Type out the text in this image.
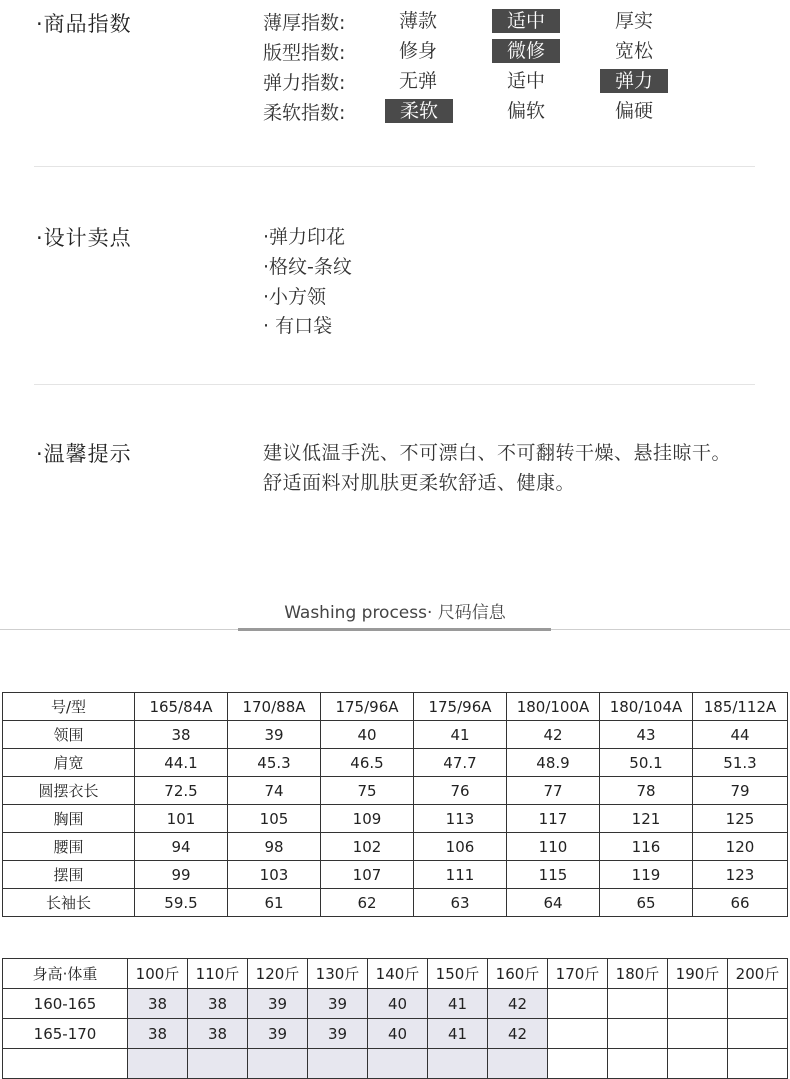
·商品指数	薄厚指数:	薄款	适中	厚实
版型指数:	修身	微修	宽松
弹力指数:	无弹	适中	弹力
柔软指数:	柔软	偏软	偏硬
·设计卖点	·弹力印花
·格纹-条纹
·小方领
· 有口袋
·温馨提示	建议低温手洗、不可漂白、不可翻转干燥、悬挂晾干。
舒适面料对肌肤更柔软舒适、健康。
Washing process· 尺码信息
号/型	165/84A	170/88A	175/96A	175/96A	180/100A	180/104A	185/112A
领围	38	39	40	41	42	43	44
肩宽	44.1	45.3	46.5	47.7	48.9	50.1	51.3
圆摆衣长	72.5	74	75	76	77	78	79
胸围	101	105	109	113	117	121	125
腰围	94	98	102	106	110	116	120
摆围	99	103	107	111	115	119	123
长袖长	59.5	61	62	63	64	65	66
身高·体重	100斤	110斤	120斤	130斤	140斤	150斤	160斤	170斤	180斤	190斤	200斤
160-165	38	38	39	39	40	41	42				
165-170	38	38	39	39	40	41	42				
